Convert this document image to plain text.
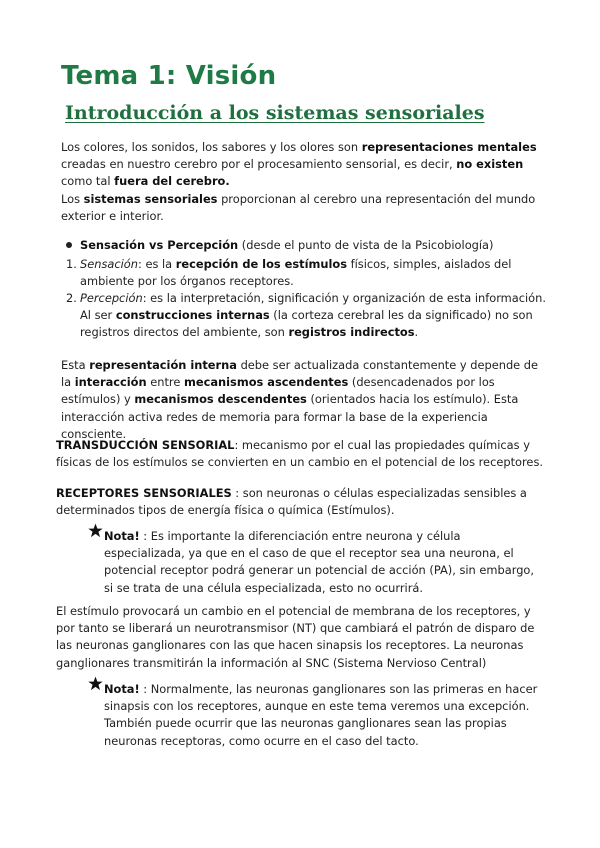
Tema 1: Visión
Introducción a los sistemas sensoriales

Los colores, los sonidos, los sabores y los olores son representaciones mentales creadas en nuestro cerebro por el procesamiento sensorial, es decir, no existen como tal fuera del cerebro.

Los sistemas sensoriales proporcionan al cerebro una representación del mundo exterior e interior.

Sensación vs Percepción (desde el punto de vista de la Psicobiología)

1. Sensación: es la recepción de los estímulos físicos, simples, aislados del ambiente por los órganos receptores.

2. Percepción: es la interpretación, significación y organización de esta información. Al ser construcciones internas (la corteza cerebral les da significado) no son registros directos del ambiente, son registros indirectos.

Esta representación interna debe ser actualizada constantemente y depende de la interacción entre mecanismos ascendentes (desencadenados por los estímulos) y mecanismos descendentes (orientados hacia los estímulo). Esta interacción activa redes de memoria para formar la base de la experiencia consciente.

TRANSDUCCIÓN SENSORIAL: mecanismo por el cual las propiedades químicas y físicas de los estímulos se convierten en un cambio en el potencial de los receptores.

RECEPTORES SENSORIALES : son neuronas o células especializadas sensibles a determinados tipos de energía física o química (Estímulos).

Nota! : Es importante la diferenciación entre neurona y célula especializada, ya que en el caso de que el receptor sea una neurona, el potencial receptor podrá generar un potencial de acción (PA), sin embargo, si se trata de una célula especializada, esto no ocurrirá.

El estímulo provocará un cambio en el potencial de membrana de los receptores, y por tanto se liberará un neurotransmisor (NT) que cambiará el patrón de disparo de las neuronas ganglionares con las que hacen sinapsis los receptores. La neuronas ganglionares transmitirán la información al SNC (Sistema Nervioso Central)

Nota! : Normalmente, las neuronas ganglionares son las primeras en hacer sinapsis con los receptores, aunque en este tema veremos una excepción. También puede ocurrir que las neuronas ganglionares sean las propias neuronas receptoras, como ocurre en el caso del tacto.
